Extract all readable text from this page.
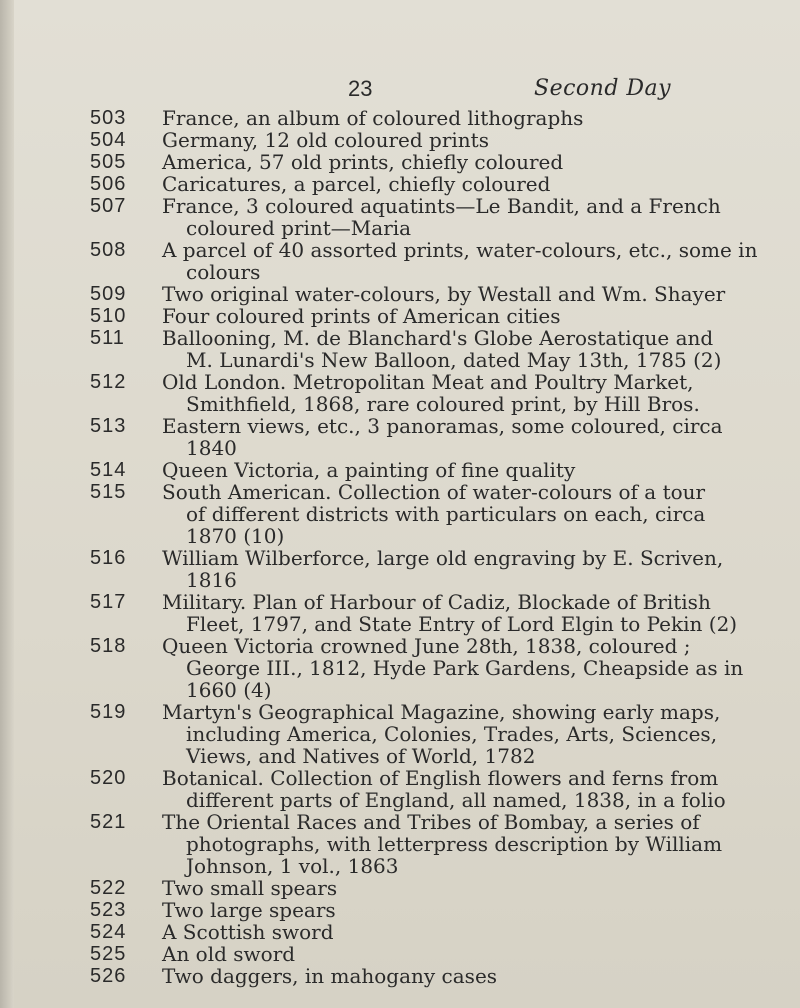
23	Second Day
503 France, an album of coloured lithographs
504 Germany, 12 old coloured prints
505 America, 57 old prints, chiefly coloured
506 Caricatures, a parcel, chiefly coloured
507 France, 3 coloured aquatints—Le Bandit, and a French
coloured print—Maria
508 A parcel of 40 assorted prints, water-colours, etc., some in
colours
509 Two original water-colours, by Westall and Wm. Shayer
510 Four coloured prints of American cities
511 Ballooning, M. de Blanchard's Globe Aerostatique and
M. Lunardi's New Balloon, dated May 13th, 1785 (2)
512 Old London. Metropolitan Meat and Poultry Market,
Smithfield, 1868, rare coloured print, by Hill Bros.
513 Eastern views, etc., 3 panoramas, some coloured, circa
1840
514 Queen Victoria, a painting of fine quality
515 South American. Collection of water-colours of a tour
of different districts with particulars on each, circa
1870 (10)
516 William Wilberforce, large old engraving by E. Scriven,
1816
517 Military. Plan of Harbour of Cadiz, Blockade of British
Fleet, 1797, and State Entry of Lord Elgin to Pekin (2)
518 Queen Victoria crowned June 28th, 1838, coloured ;
George III., 1812, Hyde Park Gardens, Cheapside as in
1660 (4)
519 Martyn's Geographical Magazine, showing early maps,
including America, Colonies, Trades, Arts, Sciences,
Views, and Natives of World, 1782
520 Botanical. Collection of English flowers and ferns from
different parts of England, all named, 1838, in a folio
521 The Oriental Races and Tribes of Bombay, a series of
photographs, with letterpress description by William
Johnson, 1 vol., 1863
522 Two small spears
523 Two large spears
524 A Scottish sword
525 An old sword
526 Two daggers, in mahogany cases
